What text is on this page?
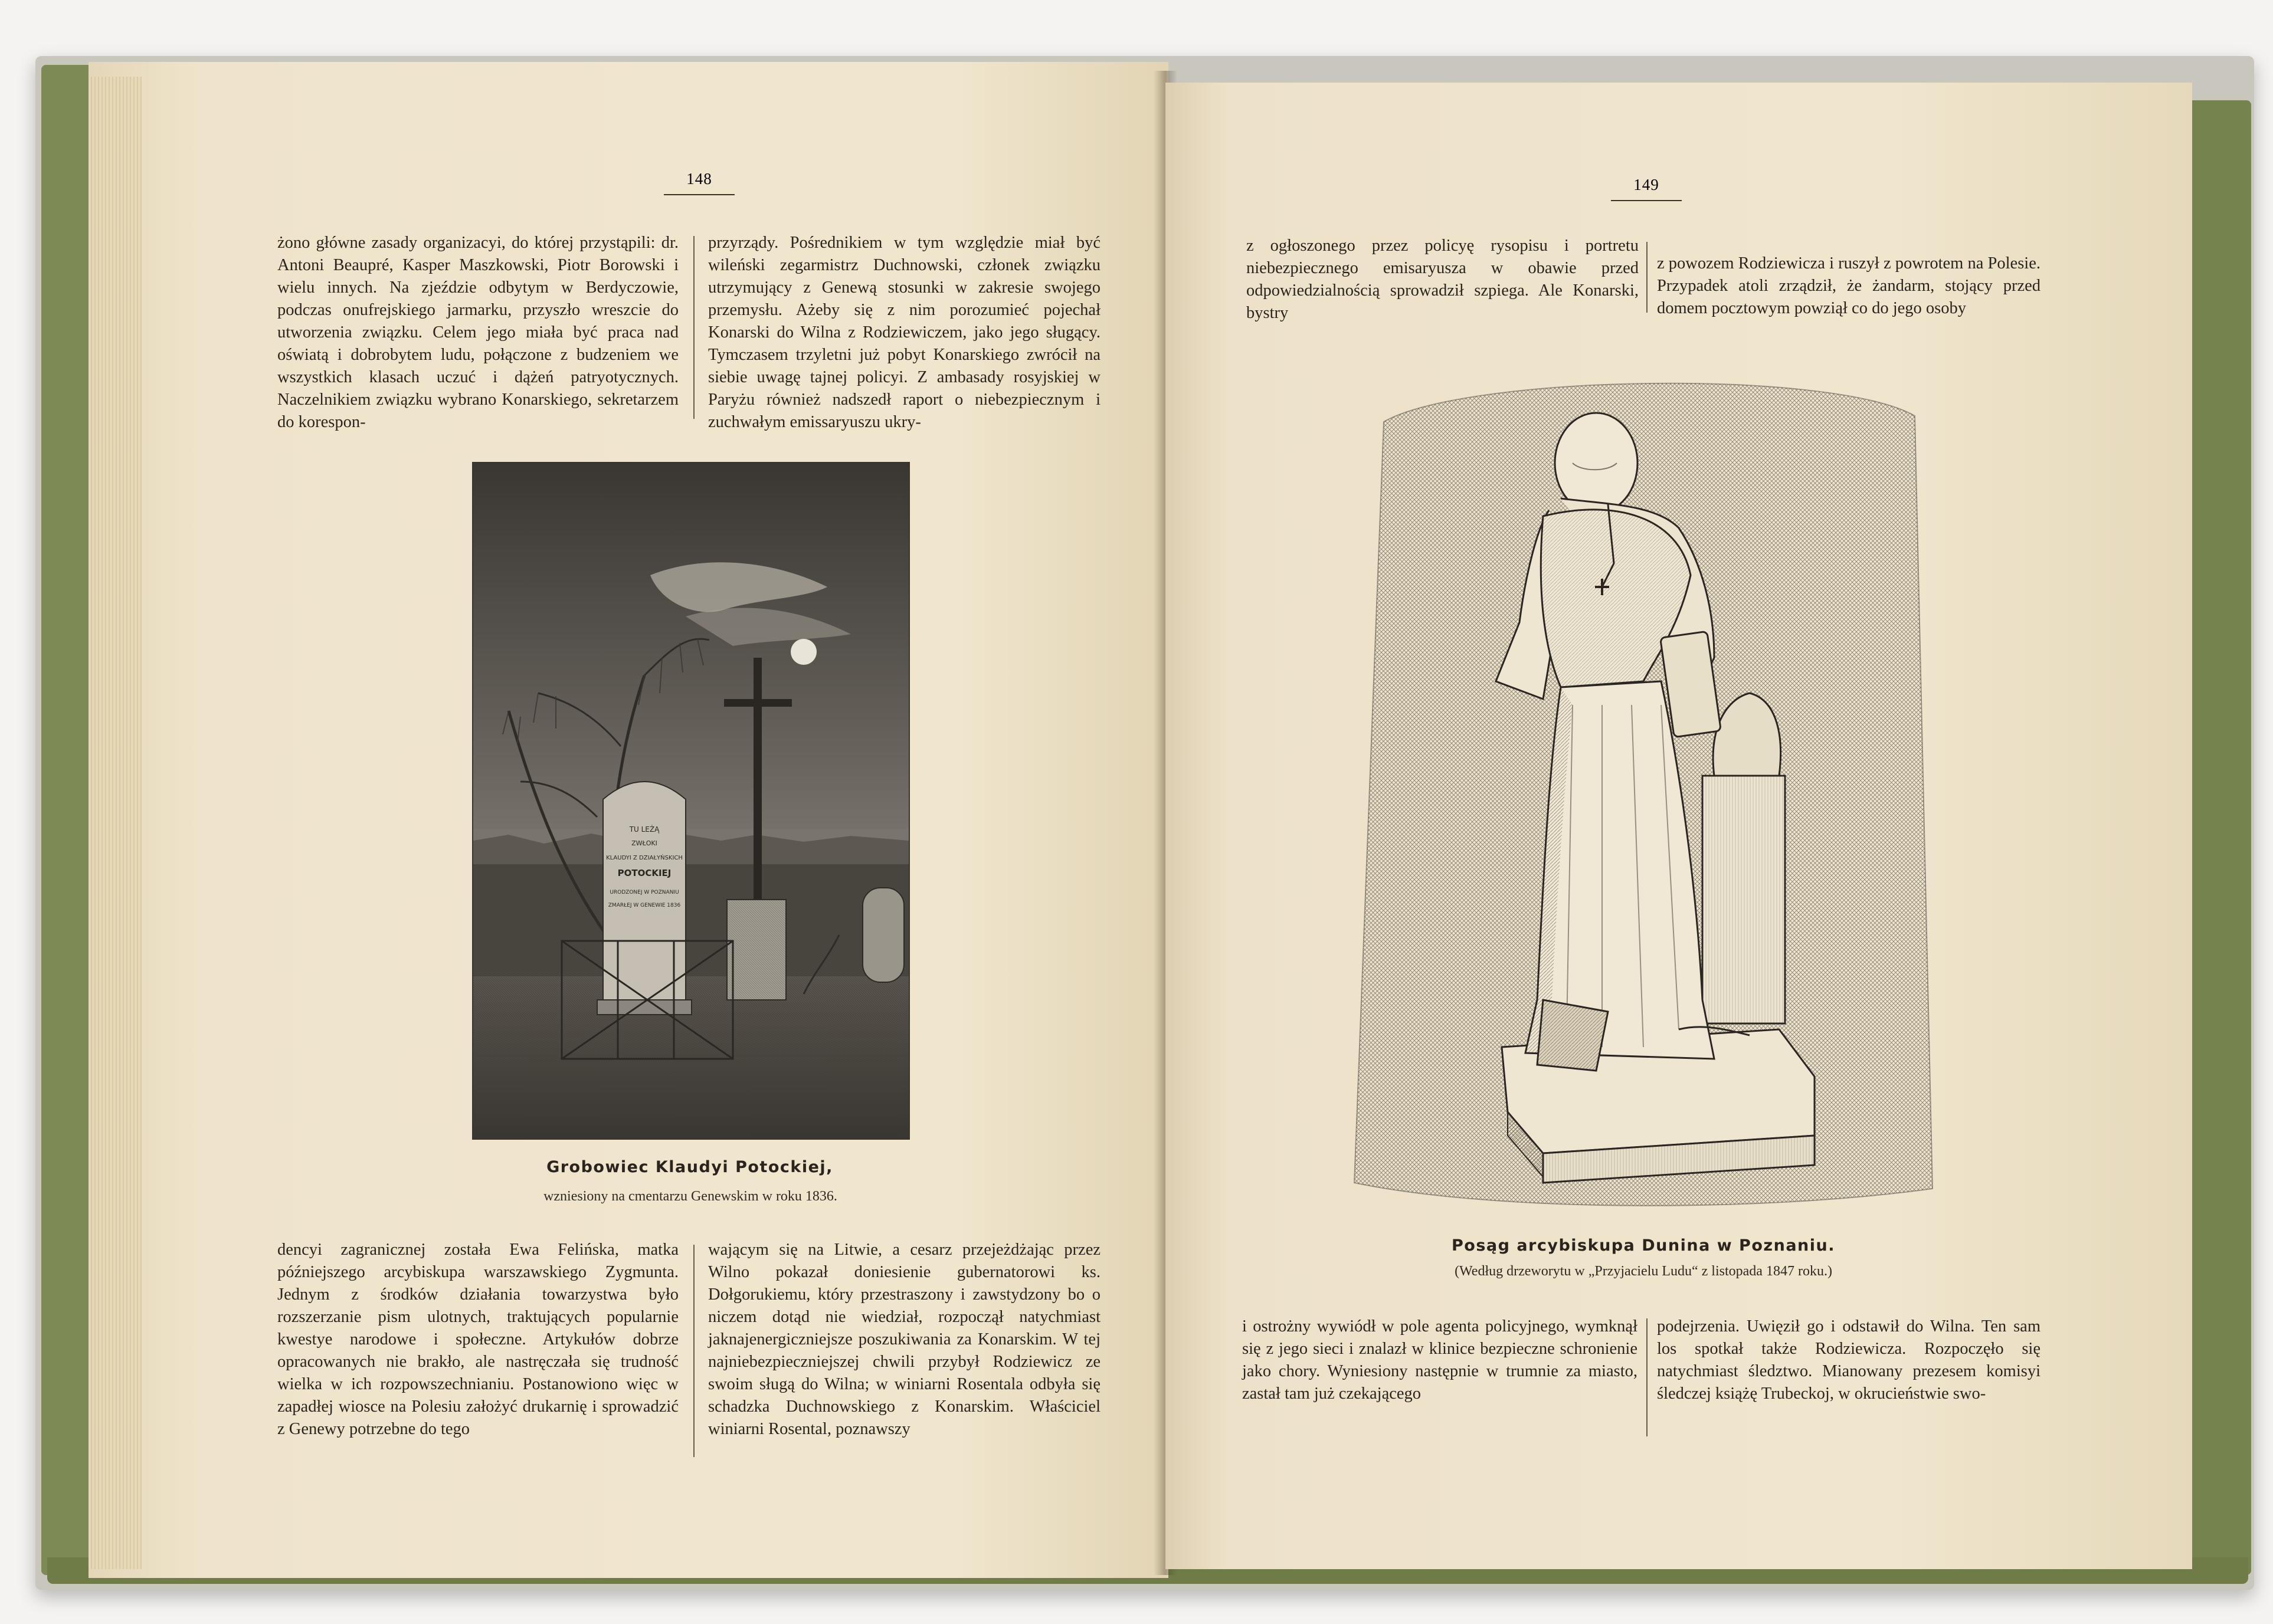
148

żono główne zasady organizacyi, do której przystąpili: dr. Antoni Beaupré, Kasper Maszkowski, Piotr Borowski i wielu innych. Na zjeździe odbytym w Berdyczowie, podczas onufrejskiego jarmarku, przyszło wreszcie do utworzenia związku. Celem jego miała być praca nad oświatą i dobrobytem ludu, połączone z budzeniem we wszystkich klasach uczuć i dążeń patryotycznych. Naczelnikiem związku wybrano Konarskiego, sekretarzem do korespon-

przyrządy. Pośrednikiem w tym względzie miał być wileński zegarmistrz Duchnowski, członek związku utrzymujący z Genewą stosunki w zakresie swojego przemysłu. Ażeby się z nim porozumieć pojechał Konarski do Wilna z Rodziewiczem, jako jego sługący. Tymczasem trzyletni już pobyt Konarskiego zwrócił na siebie uwagę tajnej policyi. Z ambasady rosyjskiej w Paryżu również nadszedł raport o niebezpiecznym i zuchwałym emissaryuszu ukry-

TU LEŻĄ
ZWŁOKI
KLAUDYI Z DZIAŁYŃSKICH
POTOCKIEJ
URODZONEJ W POZNANIU
ZMARŁEJ W GENEWIE 1836
Grobowiec Klaudyi Potockiej,
wzniesiony na cmentarzu Genewskim w roku 1836.

dencyi zagranicznej została Ewa Felińska, matka późniejszego arcybiskupa warszawskiego Zygmunta. Jednym z środków działania towarzystwa było rozszerzanie pism ulotnych, traktujących popularnie kwestye narodowe i społeczne. Artykułów dobrze opracowanych nie brakło, ale nastręczała się trudność wielka w ich rozpowszechnianiu. Postanowiono więc w zapadłej wiosce na Polesiu założyć drukarnię i sprowadzić z Genewy potrzebne do tego

wającym się na Litwie, a cesarz przejeżdżając przez Wilno pokazał doniesienie gubernatorowi ks. Dołgorukiemu, który przestraszony i zawstydzony bo o niczem dotąd nie wiedział, rozpoczął natychmiast jaknajenergiczniejsze poszukiwania za Konarskim. W tej najniebezpieczniejszej chwili przybył Rodziewicz ze swoim sługą do Wilna; w winiarni Rosentala odbyła się schadzka Duchnowskiego z Konarskim. Właściciel winiarni Rosental, poznawszy

149

z ogłoszonego przez policyę rysopisu i portretu niebezpiecznego emisaryusza w obawie przed odpowiedzialnością sprowadził szpiega. Ale Konarski, bystry

z powozem Rodziewicza i ruszył z powrotem na Polesie. Przypadek atoli zrządził, że żandarm, stojący przed domem pocztowym powziął co do jego osoby

Posąg arcybiskupa Dunina w Poznaniu.
(Według drzeworytu w „Przyjacielu Ludu“ z listopada 1847 roku.)

i ostrożny wywiódł w pole agenta policyjnego, wymknął się z jego sieci i znalazł w klinice bezpieczne schronienie jako chory. Wyniesiony następnie w trumnie za miasto, zastał tam już czekającego

podejrzenia. Uwięził go i odstawił do Wilna. Ten sam los spotkał także Rodziewicza. Rozpoczęło się natychmiast śledztwo. Mianowany prezesem komisyi śledczej książę Trubeckoj, w okrucieństwie swo-
